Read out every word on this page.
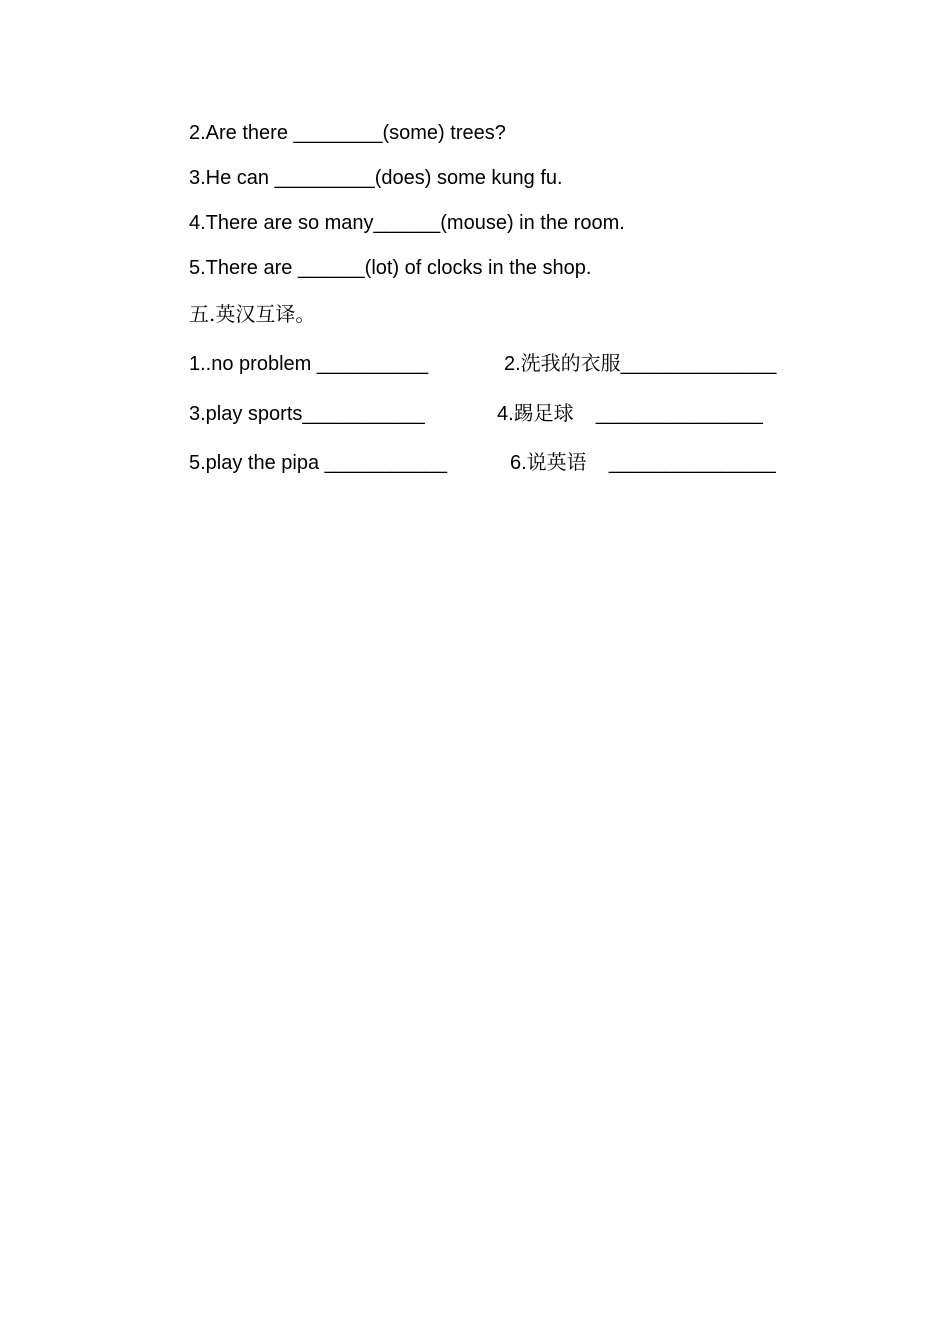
2.Are there ________(some) trees?
3.He can _________(does) some kung fu.
4.There are so many______(mouse) in the room.
5.There are ______(lot) of clocks in the shop.
五.英汉互译。
1..no problem __________	2.洗我的衣服______________
3.play sports___________	4.踢足球    _______________
5.play the pipa ___________	6.说英语    _______________
